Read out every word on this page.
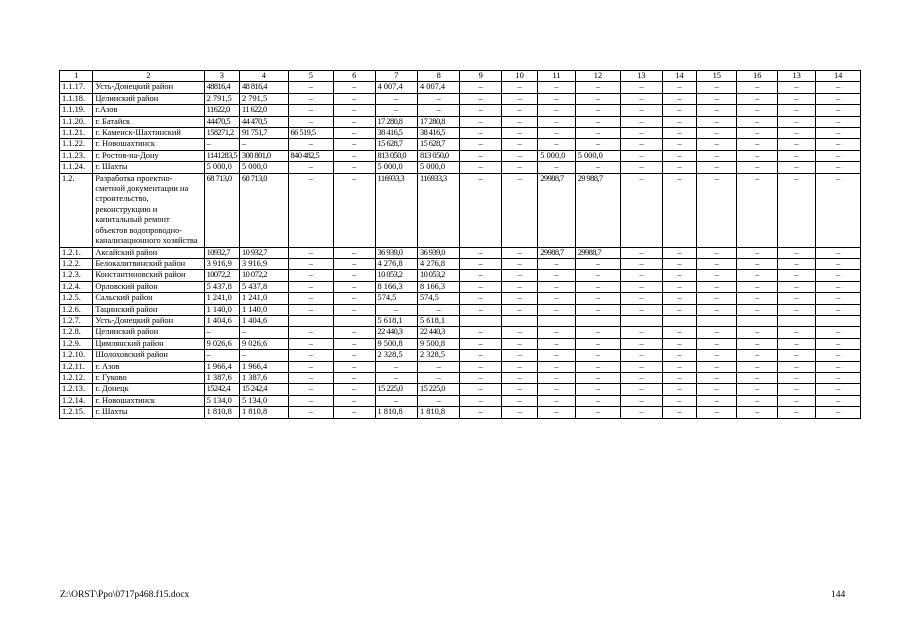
1	2	3	4	5	6	7	8	9	10	11	12	13	14	15	16	13	14
1.1.17.	Усть-Донецкий район	48816,4	48 816,4	–	–	4 007,4	4 007,4	–	–	–	–	–	–	–	–	–	–
1.1.18.	Целинский район	2 791,5	2 791,5	–	–	–	–	–	–	–	–	–	–	–	–	–	–
1.1.19.	г.Азов	11622,0	11 622,0	–	–	–	–	–	–	–	–	–	–	–	–	–	–
1.1.20.	г. Батайск	44470,5	44 470,5	–	–	17 280,8	17 280,8	–	–	–	–	–	–	–	–	–	–
1.1.21.	г. Каменск-Шахтинский	158271,2	91 751,7	66 519,5	–	38 416,5	38 416,5	–	–	–	–	–	–	–	–	–	–
1.1.22.	г. Новошахтинск	–	–	–	–	15 628,7	15 628,7	–	–	–	–	–	–	–	–	–	–
1.1.23.	г. Ростов-на-Дону	1141283,5	300 801,0	840 482,5	–	813 050,0	813 050,0	–	–	5 000,0	5 000,0	–	–	–	–	–	–
1.1.24.	г. Шахты	5 000,0	5 000,0	–	–	5 000,0	5 000,0	–	–	–	–	–	–	–	–	–	–
1.2.	Разработка проектно-сметной документации на строительство, реконструкцию и капитальный ремонт объектов водопроводно-канализационного хозяйства	68 713,0	68 713,0	–	–	116933,3	116933,3	–	–	29988,7	29 988,7	–	–	–	–	–	–
1.2.1.	Аксайский район	10932,7	10 932,7	–	–	36 939,0	36 939,0	–	–	29988,7	29988,7	–	–	–	–	–	–
1.2.2.	Белокалитвинский район	3 916,9	3 916,9	–	–	4 276,8	4 276,8	–	–	–	–	–	–	–	–	–	–
1.2.3.	Константиновский район	10072,2	10 072,2	–	–	10 053,2	10 053,2	–	–	–	–	–	–	–	–	–	–
1.2.4.	Орловский район	5 437,8	5 437,8	–	–	8 166,3	8 166,3	–	–	–	–	–	–	–	–	–	–
1.2.5.	Сальский район	1 241,0	1 241,0	–	–	574,5	574,5	–	–	–	–	–	–	–	–	–	–
1.2.6.	Тацинский район	1 140,0	1 140,0	–	–	–	–	–	–	–	–	–	–	–	–	–	–
1.2.7.	Усть-Донецкий район	1 404,6	1 404,6			5 618,1	5 618,1										
1.2.8.	Целинский район	–	–	–	–	22 440,3	22 440,3	–	–	–	–	–	–	–	–	–	–
1.2.9.	Цимлянский район	9 026,6	9 026,6	–	–	9 500,8	9 500,8	–	–	–	–	–	–	–	–	–	–
1.2.10.	Шолоховский район	–	–	–	–	2 328,5	2 328,5	–	–	–	–	–	–	–	–	–	–
1.2.11.	г. Азов	1 966,4	1 966,4	–	–	–	–	–	–	–	–	–	–	–	–	–	–
1.2.12.	г. Гуково	1 387,6	1 387,6	–	–	–	–	–	–	–	–	–	–	–	–	–	–
1.2.13.	г. Донецк	15242,4	15 242,4	–	–	15 225,0	15 225,0	–	–	–	–	–	–	–	–	–	–
1.2.14.	г. Новошахтинск	5 134,0	5 134,0	–	–	–	–	–	–	–	–	–	–	–	–	–	–
1.2.15.	г. Шахты	1 810,8	1 810,8	–	–	1 810,8	1 810,8	–	–	–	–	–	–	–	–	–	–
Z:\ORST\Ppo\0717p468.f15.docx	144
